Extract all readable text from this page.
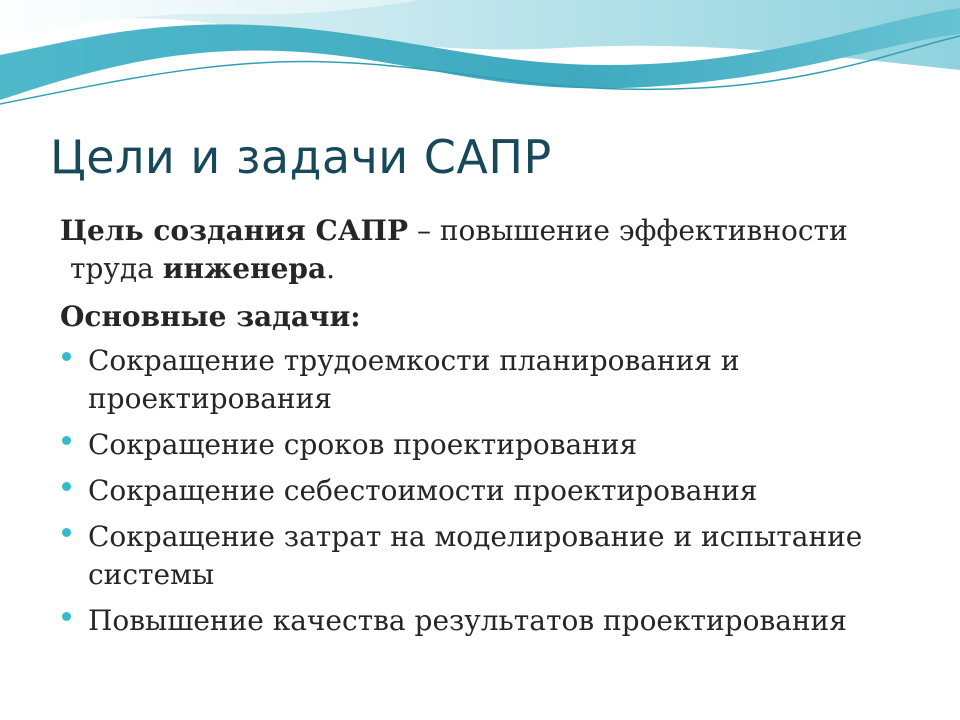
Цели и задачи САПР

Цель создания САПР – повышение эффективности
труда инженера.

Основные задачи:

Сокращение трудоемкости планирования и
проектирования
Сокращение сроков проектирования
Сокращение себестоимости проектирования
Сокращение затрат на моделирование и испытание
системы
Повышение качества результатов проектирования
